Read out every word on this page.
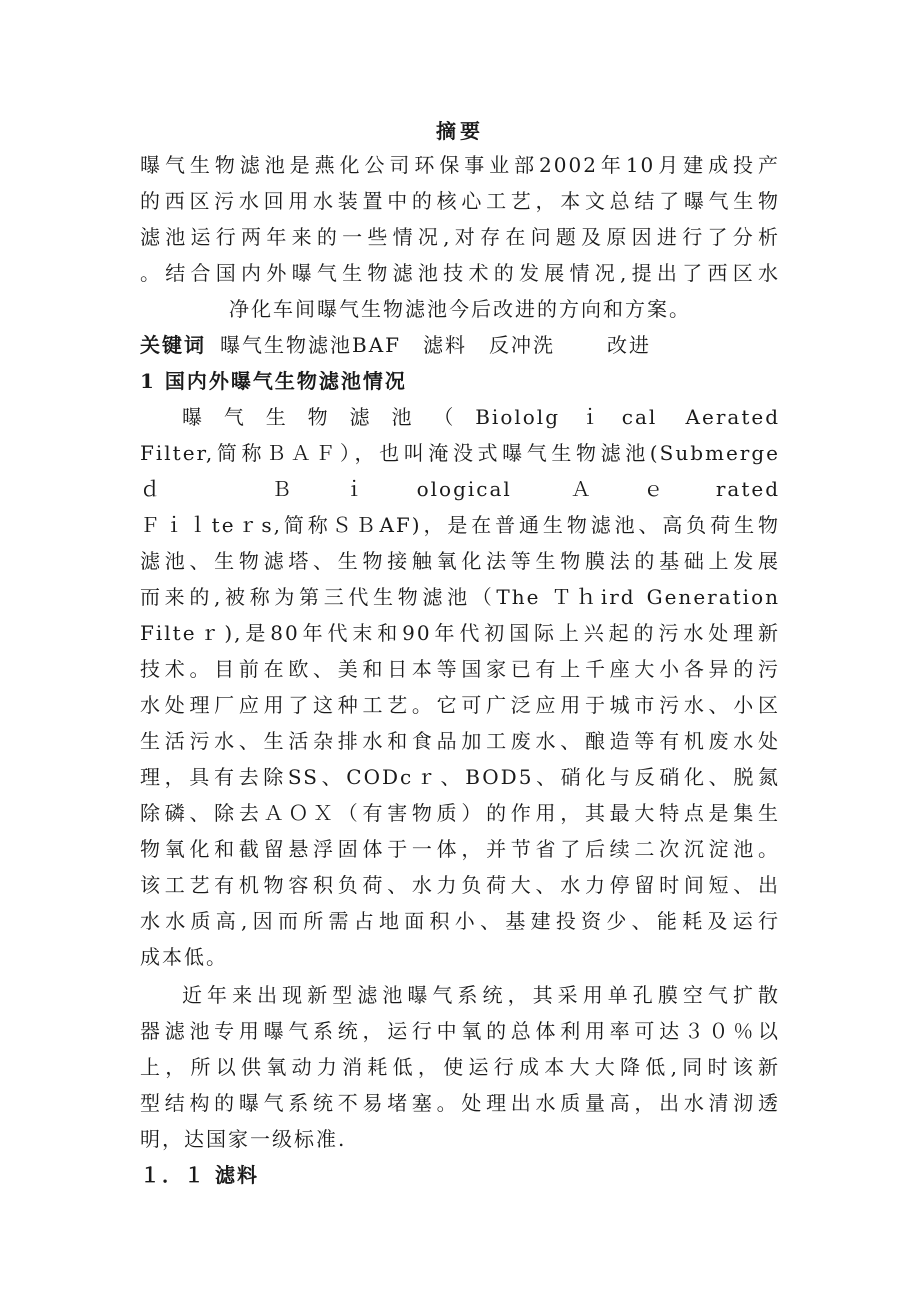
摘要
曝气生物滤池是燕化公司环保事业部2002年10月建成投产
的西区污水回用水装置中的核心工艺，本文总结了曝气生物
滤池运行两年来的一些情况,对存在问题及原因进行了分析
。结合国内外曝气生物滤池技术的发展情况,提出了西区水
净化车间曝气生物滤池今后改进的方向和方案。
关键词 曝气生物滤池BAF 滤料 反冲洗	改进
1 国内外曝气生物滤池情况
曝气生物滤池（Biololgｉcal Aerated
Filter,简称ＢＡＦ），也叫淹没式曝气生物滤池(Submerge
ｄ Ｂｉological Ａｅrated
Ｆｉｌteｒs,简称ＳＢAF)，是在普通生物滤池、高负荷生物
滤池、生物滤塔、生物接触氧化法等生物膜法的基础上发展
而来的,被称为第三代生物滤池（The Ｔｈird Generation
Filteｒ),是80年代末和90年代初国际上兴起的污水处理新
技术。目前在欧、美和日本等国家已有上千座大小各异的污
水处理厂应用了这种工艺。它可广泛应用于城市污水、小区
生活污水、生活杂排水和食品加工废水、酿造等有机废水处
理，具有去除SS、CODcｒ、BOD5、硝化与反硝化、脱氮
除磷、除去ＡＯＸ（有害物质）的作用，其最大特点是集生
物氧化和截留悬浮固体于一体，并节省了后续二次沉淀池。
该工艺有机物容积负荷、水力负荷大、水力停留时间短、出
水水质高,因而所需占地面积小、基建投资少、能耗及运行
成本低。
近年来出现新型滤池曝气系统，其采用单孔膜空气扩散
器滤池专用曝气系统，运行中氧的总体利用率可达３０％以
上，所以供氧动力消耗低，使运行成本大大降低,同时该新
型结构的曝气系统不易堵塞。处理出水质量高，出水清沏透
明，达国家一级标准.
１．１ 滤料
